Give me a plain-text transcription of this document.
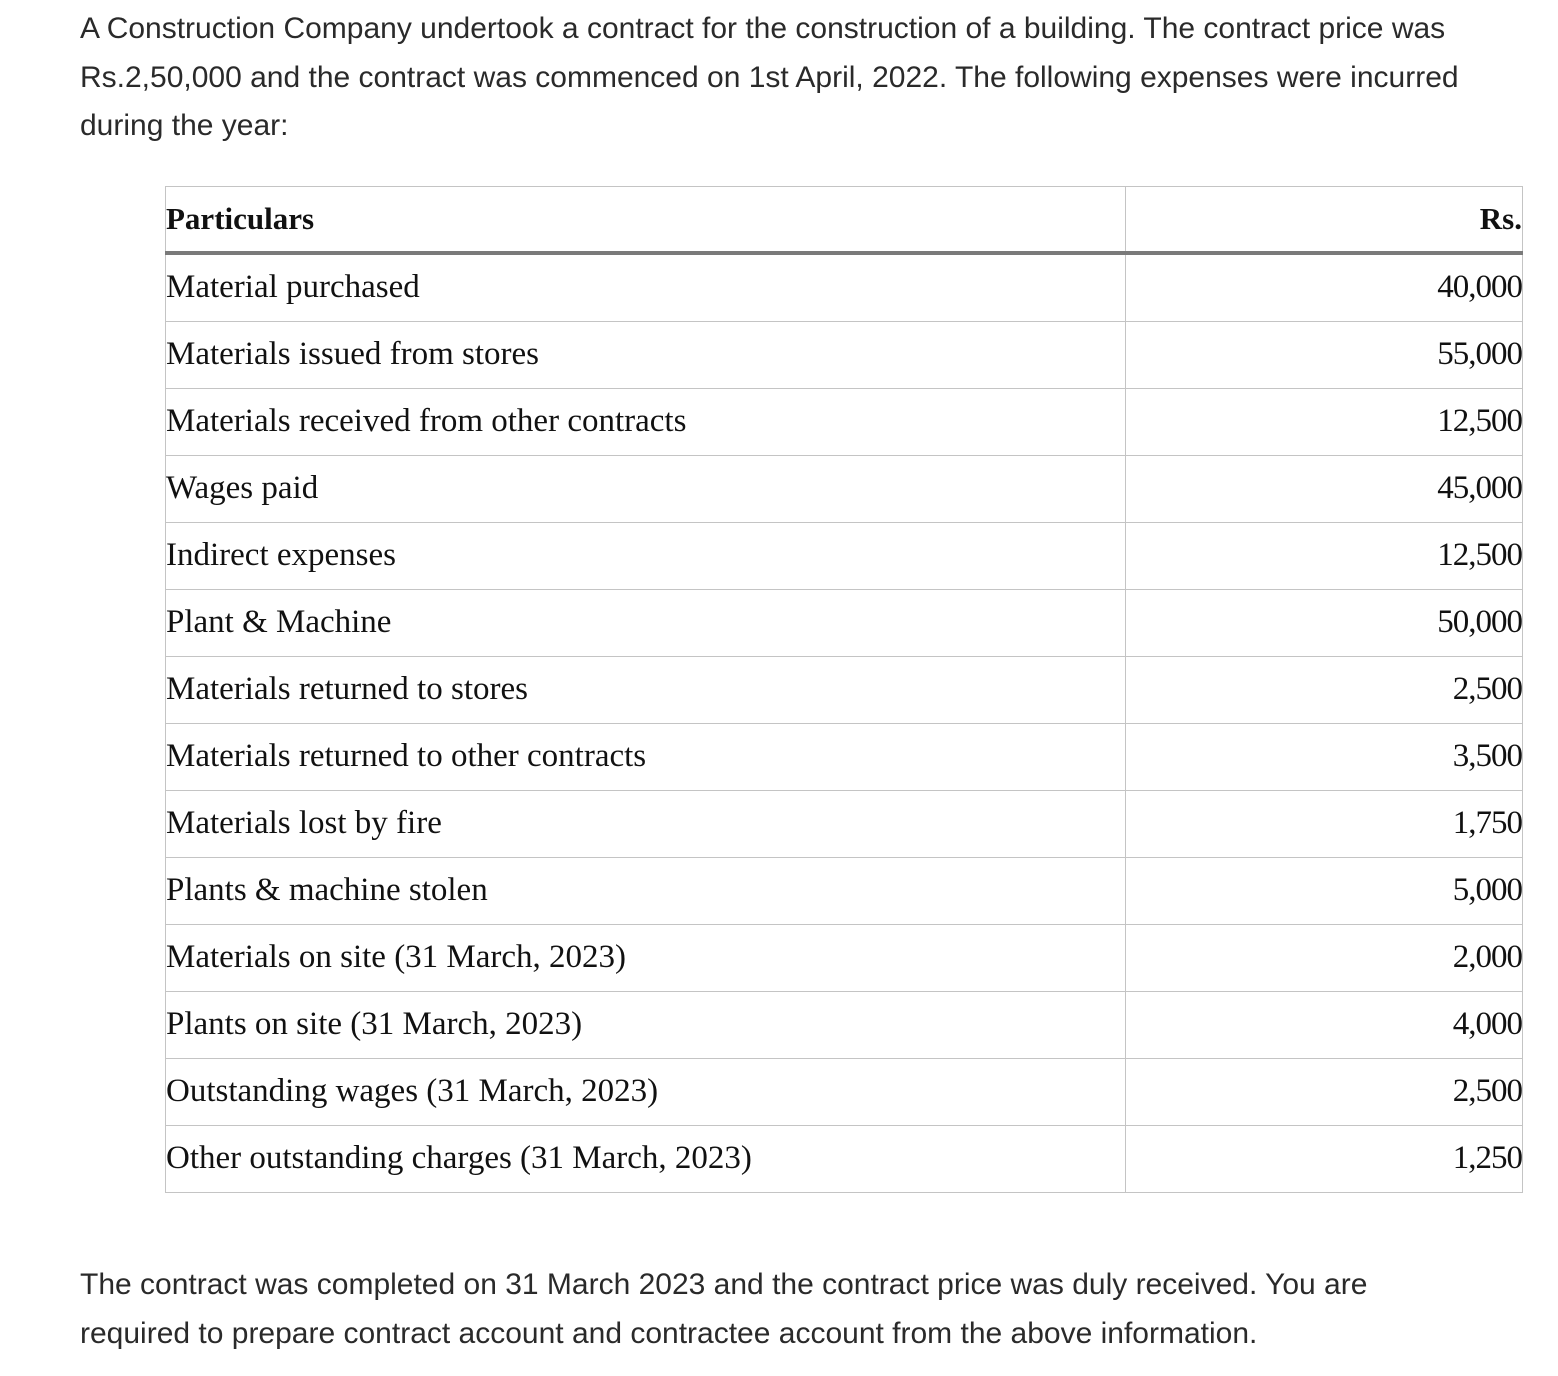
A Construction Company undertook a contract for the construction of a building. The contract price was Rs.2,50,000 and the contract was commenced on 1st April, 2022. The following expenses were incurred during the year:

Particulars	Rs.
Material purchased	40,000
Materials issued from stores	55,000
Materials received from other contracts	12,500
Wages paid	45,000
Indirect expenses	12,500
Plant & Machine	50,000
Materials returned to stores	2,500
Materials returned to other contracts	3,500
Materials lost by fire	1,750
Plants & machine stolen	5,000
Materials on site (31 March, 2023)	2,000
Plants on site (31 March, 2023)	4,000
Outstanding wages (31 March, 2023)	2,500
Other outstanding charges (31 March, 2023)	1,250

The contract was completed on 31 March 2023 and the contract price was duly received. You are required to prepare contract account and contractee account from the above information.
